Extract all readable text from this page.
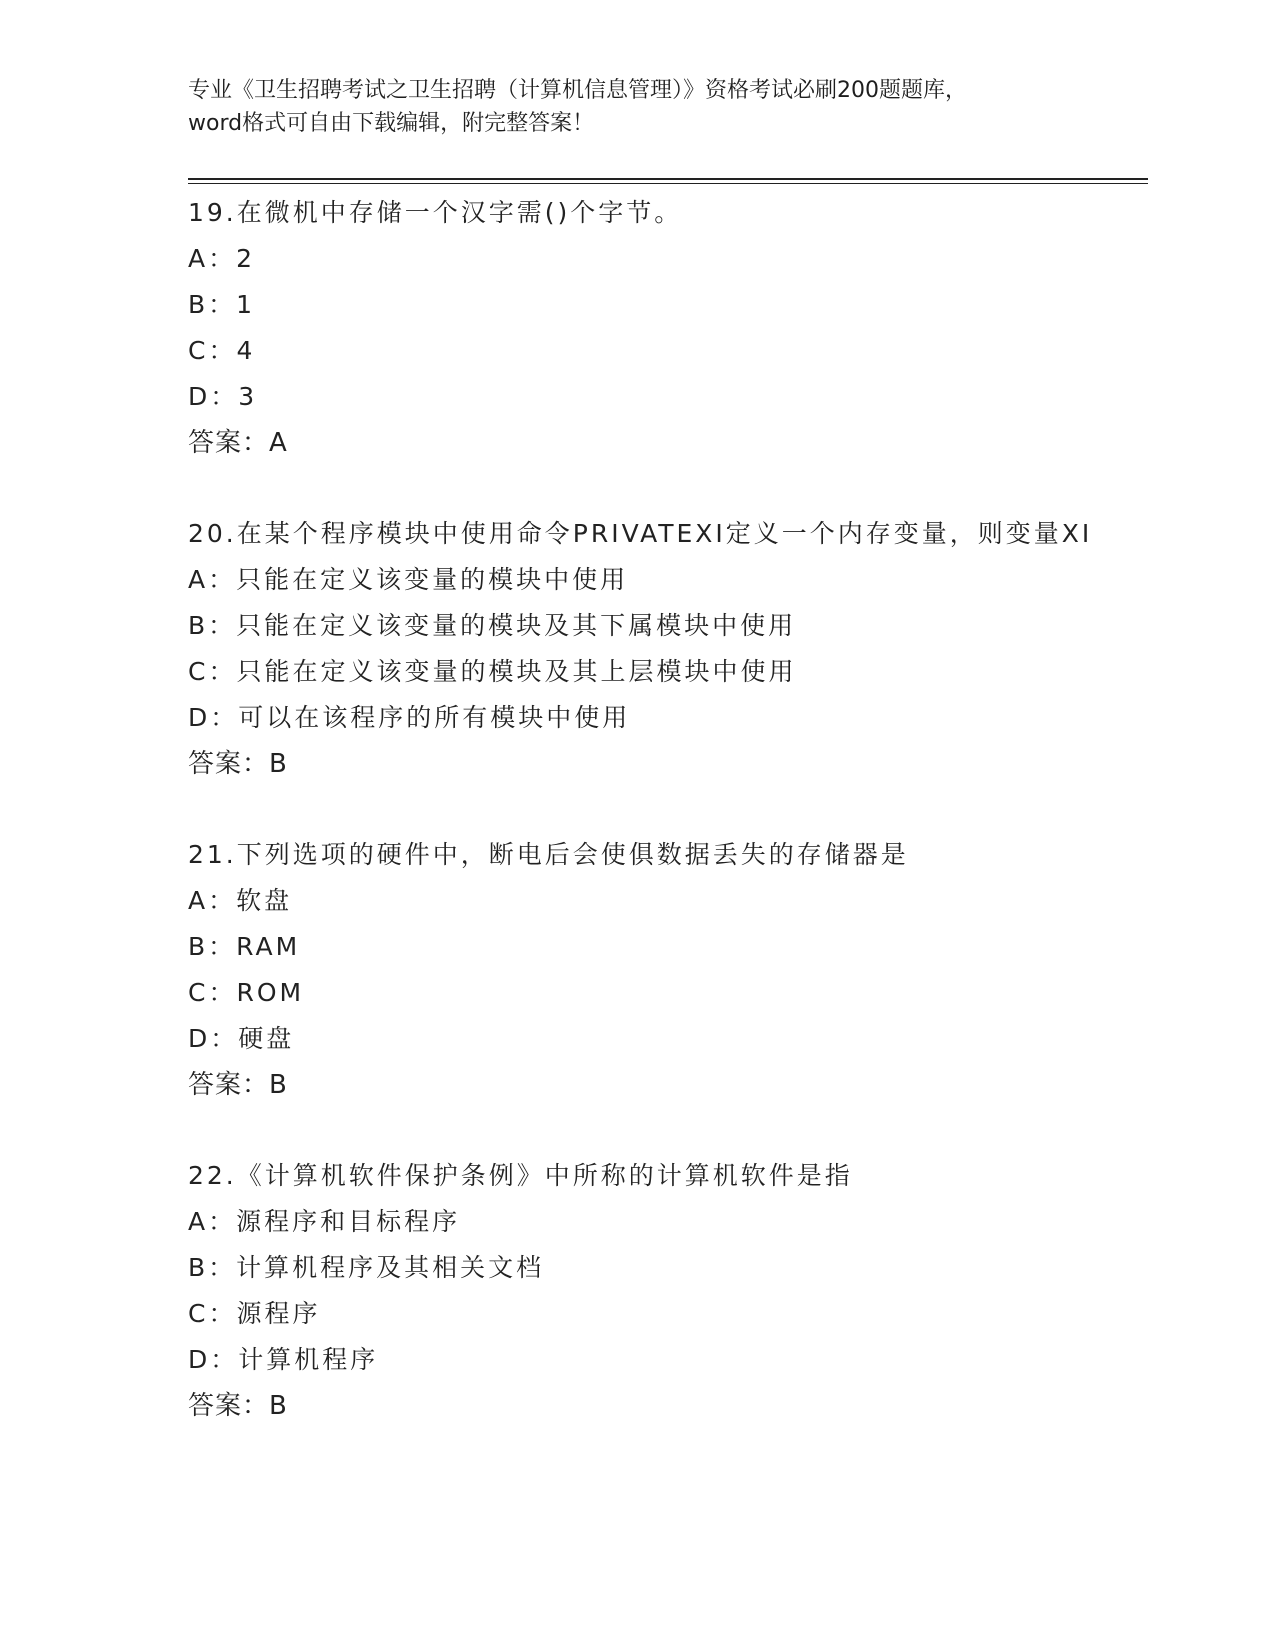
专业《卫生招聘考试之卫生招聘（计算机信息管理）》资格考试必刷200题题库，
word格式可自由下载编辑，附完整答案！
19.在微机中存储一个汉字需()个字节。
A：2
B：1
C：4
D：3
答案：A
20.在某个程序模块中使用命令PRIVATEXI定义一个内存变量，则变量XI
A：只能在定义该变量的模块中使用
B：只能在定义该变量的模块及其下属模块中使用
C：只能在定义该变量的模块及其上层模块中使用
D：可以在该程序的所有模块中使用
答案：B
21.下列选项的硬件中，断电后会使俱数据丢失的存储器是
A：软盘
B：RAM
C：ROM
D：硬盘
答案：B
22.《计算机软件保护条例》中所称的计算机软件是指
A：源程序和目标程序
B：计算机程序及其相关文档
C：源程序
D：计算机程序
答案：B
